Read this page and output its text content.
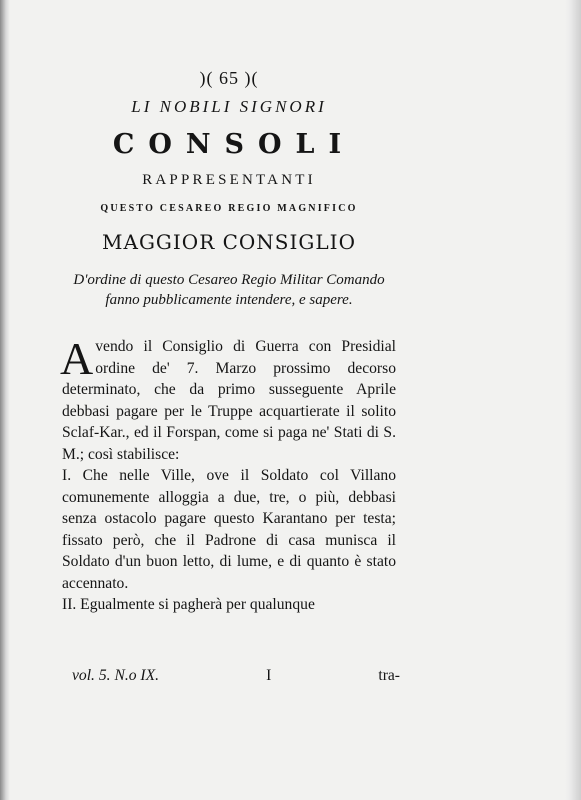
)( 65 )(
LI NOBILI SIGNORI
CONSOLI
RAPPRESENTANTI
QUESTO CESAREO REGIO MAGNIFICO
MAGGIOR CONSIGLIO
D'ordine di questo Cesareo Regio Militar Comando fanno pubblicamente intendere, e sapere.

Avendo il Consiglio di Guerra con Presidial ordine de' 7. Marzo prossimo decorso determinato, che da primo susseguente Aprile debbasi pagare per le Truppe acquartierate il solito Sclaf-Kar., ed il Forspan, come si paga ne' Stati di S. M.; così stabilisce:

I. Che nelle Ville, ove il Soldato col Villano comunemente alloggia a due, tre, o più, debbasi senza ostacolo pagare questo Karantano per testa; fissato però, che il Padrone di casa munisca il Soldato d'un buon letto, di lume, e di quanto è stato accennato.

II. Egualmente si pagherà per qualunque

vol. 5. N.o IX.	I	tra-
